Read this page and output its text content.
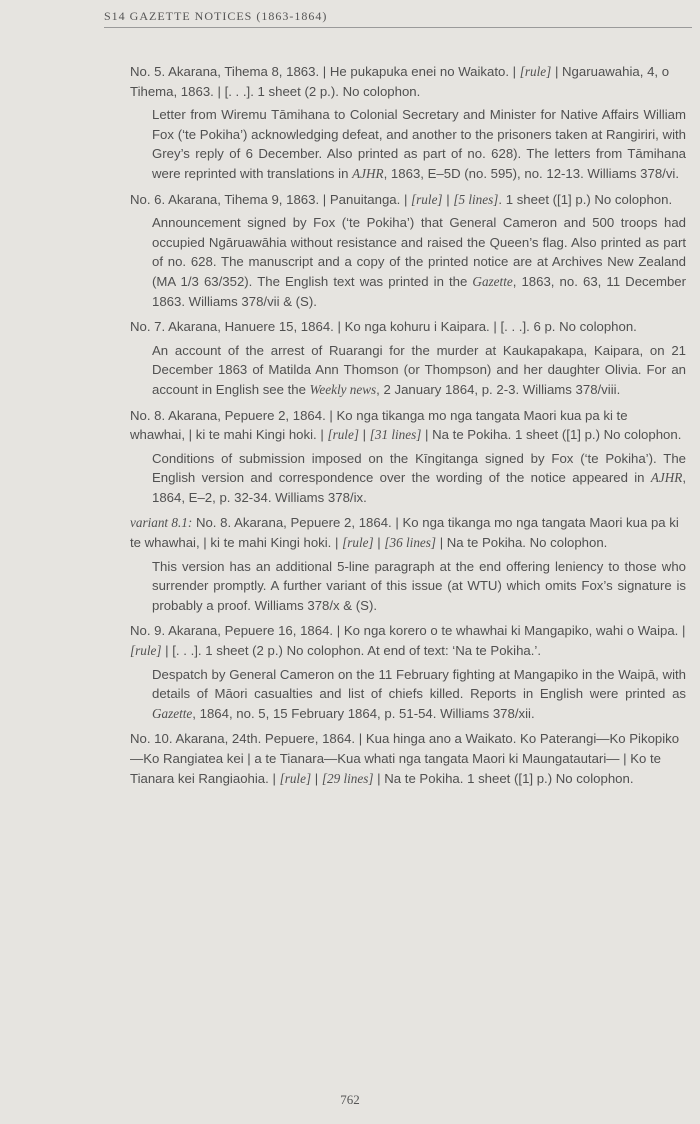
S14 GAZETTE NOTICES (1863-1864)
No. 5. Akarana, Tihema 8, 1863. | He pukapuka enei no Waikato. | [rule] | Ngaruawahia, 4, o Tihema, 1863. | [. . .]. 1 sheet (2 p.). No colophon.
Letter from Wiremu Tāmihana to Colonial Secretary and Minister for Native Affairs William Fox (‘te Pokiha’) acknowledging defeat, and another to the prisoners taken at Rangiriri, with Grey’s reply of 6 December. Also printed as part of no. 628). The letters from Tāmihana were reprinted with translations in AJHR, 1863, E–5D (no. 595), no. 12-13. Williams 378/vi.
No. 6. Akarana, Tihema 9, 1863. | Panuitanga. | [rule] | [5 lines]. 1 sheet ([1] p.) No colophon.
Announcement signed by Fox (‘te Pokiha’) that General Cameron and 500 troops had occupied Ngāruawāhia without resistance and raised the Queen’s flag. Also printed as part of no. 628. The manuscript and a copy of the printed notice are at Archives New Zealand (MA 1/3 63/352). The English text was printed in the Gazette, 1863, no. 63, 11 December 1863. Williams 378/vii & (S).
No. 7. Akarana, Hanuere 15, 1864. | Ko nga kohuru i Kaipara. | [. . .]. 6 p. No colophon.
An account of the arrest of Ruarangi for the murder at Kaukapakapa, Kaipara, on 21 December 1863 of Matilda Ann Thomson (or Thompson) and her daughter Olivia. For an account in English see the Weekly news, 2 January 1864, p. 2-3. Williams 378/viii.
No. 8. Akarana, Pepuere 2, 1864. | Ko nga tikanga mo nga tangata Maori kua pa ki te whawhai, | ki te mahi Kingi hoki. | [rule] | [31 lines] | Na te Pokiha. 1 sheet ([1] p.) No colophon.
Conditions of submission imposed on the Kīngitanga signed by Fox (‘te Pokiha’). The English version and correspondence over the wording of the notice appeared in AJHR, 1864, E–2, p. 32-34. Williams 378/ix.
variant 8.1: No. 8. Akarana, Pepuere 2, 1864. | Ko nga tikanga mo nga tangata Maori kua pa ki te whawhai, | ki te mahi Kingi hoki. | [rule] | [36 lines] | Na te Pokiha. No colophon.
This version has an additional 5-line paragraph at the end offering leniency to those who surrender promptly. A further variant of this issue (at WTU) which omits Fox’s signature is probably a proof. Williams 378/x & (S).
No. 9. Akarana, Pepuere 16, 1864. | Ko nga korero o te whawhai ki Mangapiko, wahi o Waipa. | [rule] | [. . .]. 1 sheet (2 p.) No colophon. At end of text: ‘Na te Pokiha.’.
Despatch by General Cameron on the 11 February fighting at Mangapiko in the Waipā, with details of Māori casualties and list of chiefs killed. Reports in English were printed as Gazette, 1864, no. 5, 15 February 1864, p. 51-54. Williams 378/xii.
No. 10. Akarana, 24th. Pepuere, 1864. | Kua hinga ano a Waikato. Ko Paterangi—Ko Pikopiko—Ko Rangiatea kei | a te Tianara—Kua whati nga tangata Maori ki Maungatautari— | Ko te Tianara kei Rangiaohia. | [rule] | [29 lines] | Na te Pokiha. 1 sheet ([1] p.) No colophon.
762
